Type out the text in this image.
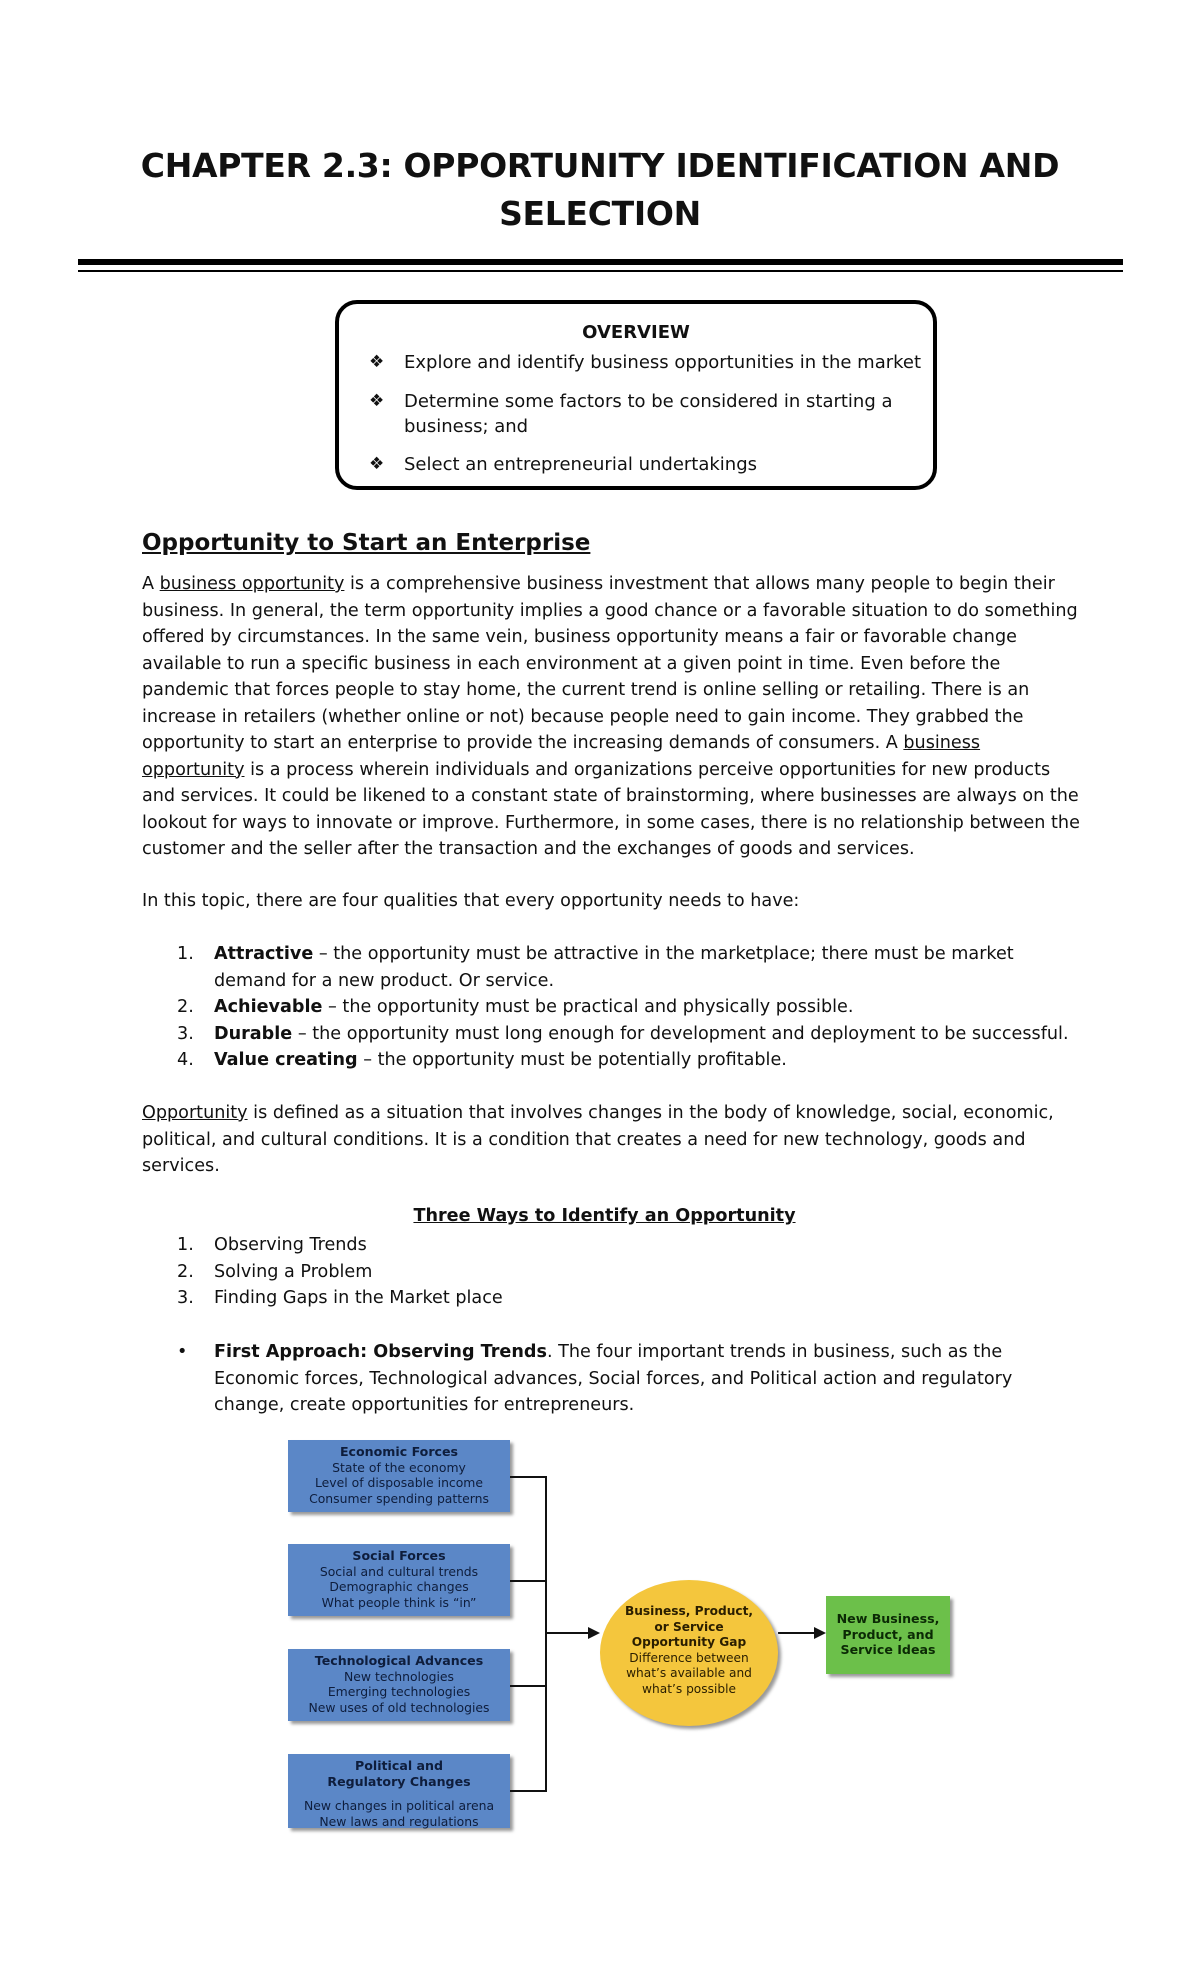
CHAPTER 2.3: OPPORTUNITY IDENTIFICATION AND
SELECTION
OVERVIEW
❖ Explore and identify business opportunities in the market
❖ Determine some factors to be considered in starting a business; and
❖ Select an entrepreneurial undertakings
Opportunity to Start an Enterprise

A business opportunity is a comprehensive business investment that allows many people to begin their business. In general, the term opportunity implies a good chance or a favorable situation to do something offered by circumstances. In the same vein, business opportunity means a fair or favorable change available to run a specific business in each environment at a given point in time. Even before the pandemic that forces people to stay home, the current trend is online selling or retailing. There is an increase in retailers (whether online or not) because people need to gain income. They grabbed the opportunity to start an enterprise to provide the increasing demands of consumers. A business opportunity is a process wherein individuals and organizations perceive opportunities for new products and services. It could be likened to a constant state of brainstorming, where businesses are always on the lookout for ways to innovate or improve. Furthermore, in some cases, there is no relationship between the customer and the seller after the transaction and the exchanges of goods and services.

In this topic, there are four qualities that every opportunity needs to have:

1. Attractive – the opportunity must be attractive in the marketplace; there must be market demand for a new product. Or service.
2. Achievable – the opportunity must be practical and physically possible.
3. Durable – the opportunity must long enough for development and deployment to be successful.
4. Value creating – the opportunity must be potentially profitable.

Opportunity is defined as a situation that involves changes in the body of knowledge, social, economic, political, and cultural conditions. It is a condition that creates a need for new technology, goods and services.

Three Ways to Identify an Opportunity
1. Observing Trends
2. Solving a Problem
3. Finding Gaps in the Market place
• First Approach: Observing Trends. The four important trends in business, such as the Economic forces, Technological advances, Social forces, and Political action and regulatory change, create opportunities for entrepreneurs.
Economic Forces
State of the economy
Level of disposable income
Consumer spending patterns
Social Forces
Social and cultural trends
Demographic changes
What people think is “in”
Technological Advances
New technologies
Emerging technologies
New uses of old technologies
Political and Regulatory Changes
New changes in political arena
New laws and regulations
Business, Product, or Service Opportunity Gap
Difference between what’s available and what’s possible
New Business, Product, and Service Ideas
